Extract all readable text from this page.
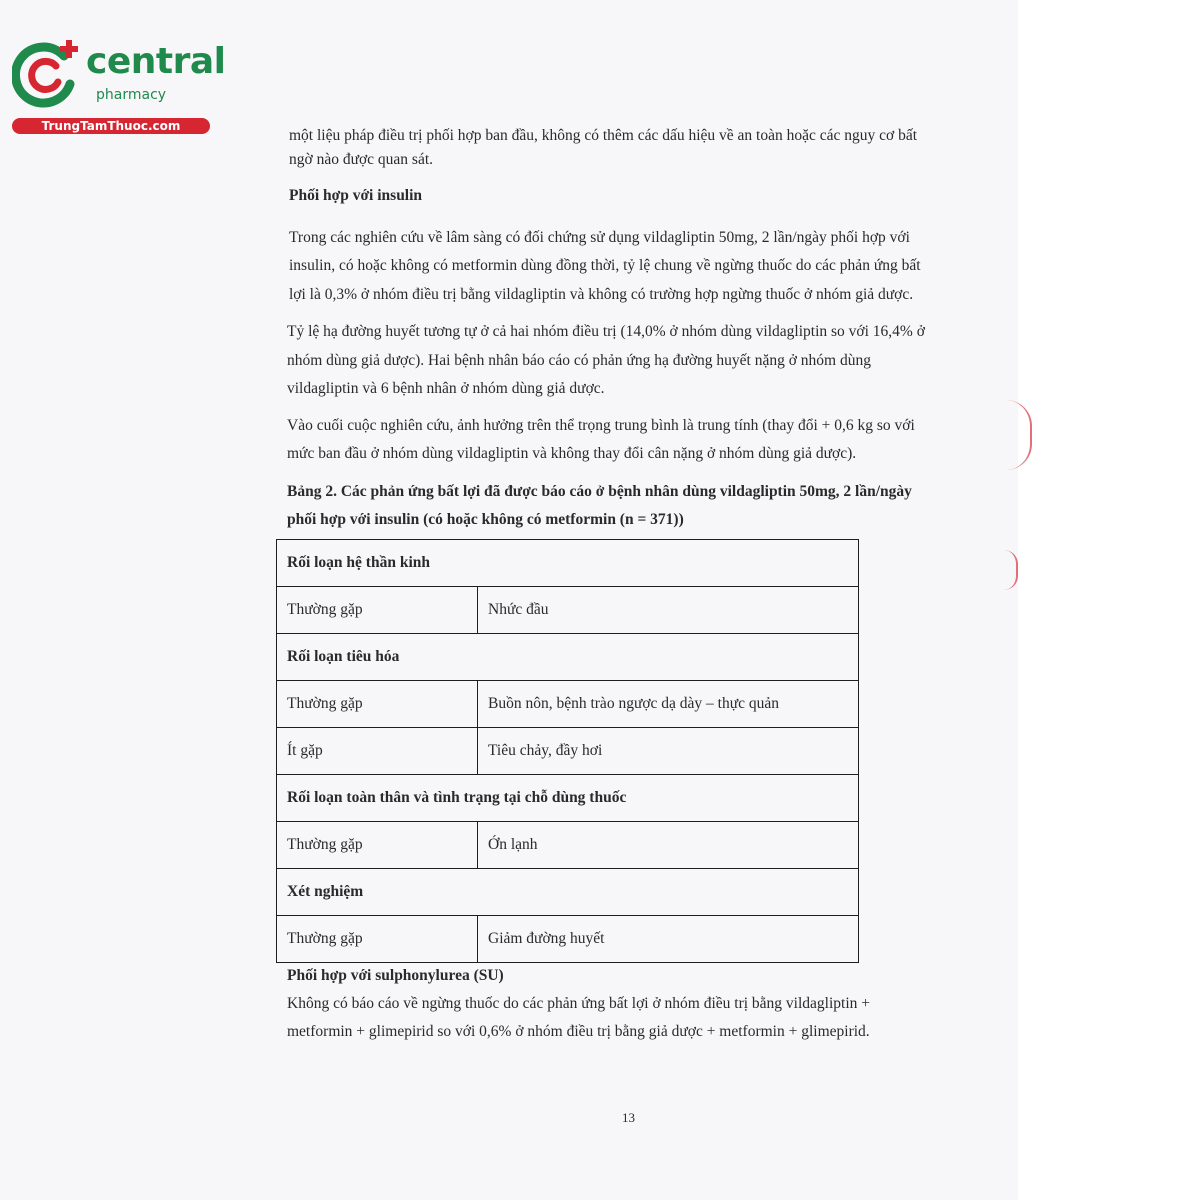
central
pharmacy
TrungTamThuoc.com

một liệu pháp điều trị phối hợp ban đầu, không có thêm các dấu hiệu về an toàn hoặc các nguy cơ bất

ngờ nào được quan sát.

Phối hợp với insulin

Trong các nghiên cứu về lâm sàng có đối chứng sử dụng vildagliptin 50mg, 2 lần/ngày phối hợp với

insulin, có hoặc không có metformin dùng đồng thời, tỷ lệ chung về ngừng thuốc do các phản ứng bất

lợi là 0,3% ở nhóm điều trị bằng vildagliptin và không có trường hợp ngừng thuốc ở nhóm giả dược.

Tỷ lệ hạ đường huyết tương tự ở cả hai nhóm điều trị (14,0% ở nhóm dùng vildagliptin so với 16,4% ở

nhóm dùng giả dược). Hai bệnh nhân báo cáo có phản ứng hạ đường huyết nặng ở nhóm dùng

vildagliptin và 6 bệnh nhân ở nhóm dùng giả dược.

Vào cuối cuộc nghiên cứu, ảnh hưởng trên thể trọng trung bình là trung tính (thay đổi + 0,6 kg so với

mức ban đầu ở nhóm dùng vildagliptin và không thay đổi cân nặng ở nhóm dùng giả dược).

Bảng 2. Các phản ứng bất lợi đã được báo cáo ở bệnh nhân dùng vildagliptin 50mg, 2 lần/ngày

phối hợp với insulin (có hoặc không có metformin (n = 371))

Rối loạn hệ thần kinh	
Thường gặp	Nhức đầu
Rối loạn tiêu hóa	
Thường gặp	Buồn nôn, bệnh trào ngược dạ dày – thực quản
Ít gặp	Tiêu chảy, đầy hơi
Rối loạn toàn thân và tình trạng tại chỗ dùng thuốc	
Thường gặp	Ớn lạnh
Xét nghiệm	
Thường gặp	Giảm đường huyết

Phối hợp với sulphonylurea (SU)

Không có báo cáo về ngừng thuốc do các phản ứng bất lợi ở nhóm điều trị bằng vildagliptin +

metformin + glimepirid so với 0,6% ở nhóm điều trị bằng giả dược + metformin + glimepirid.

13
